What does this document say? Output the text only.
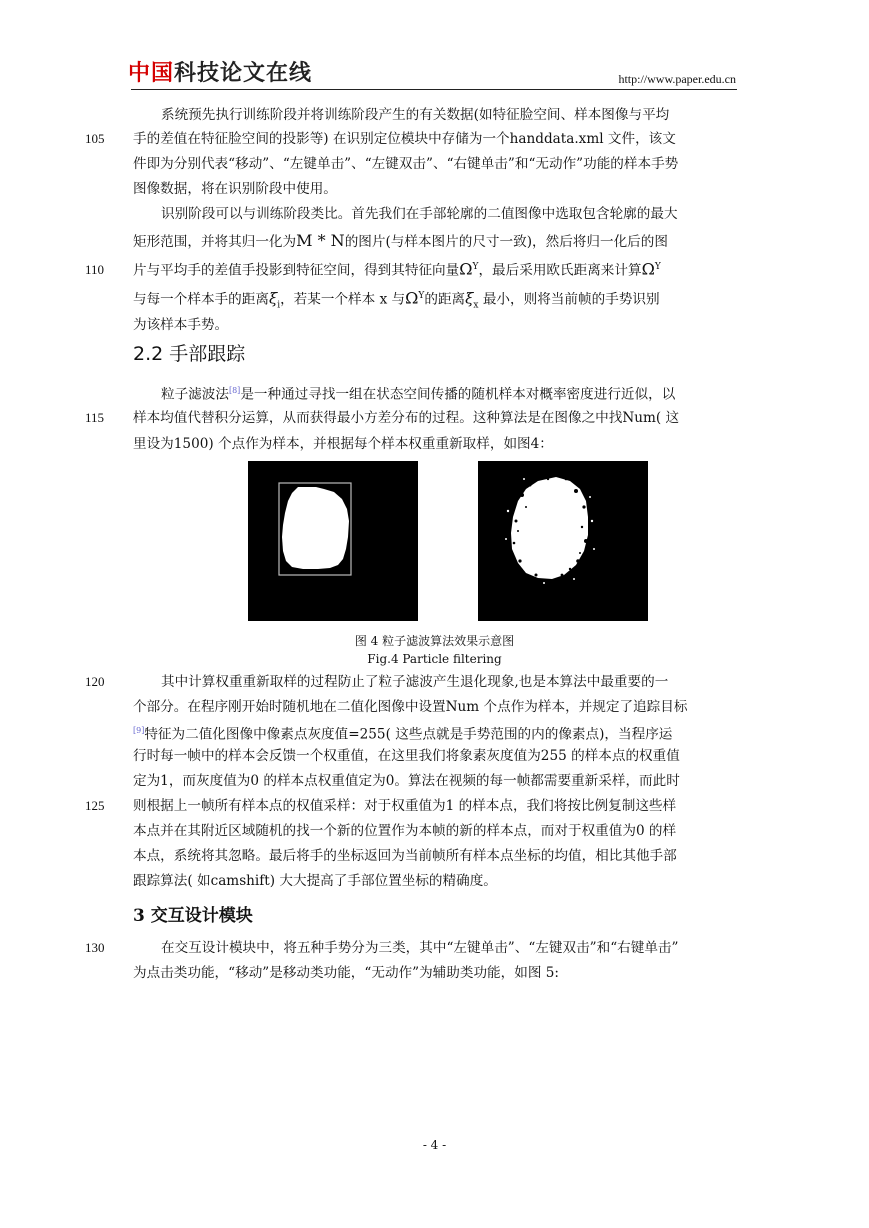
中国科技论文在线	http://www.paper.edu.cn
105
110
115
120
125
130
系统预先执行训练阶段并将训练阶段产生的有关数据(如特征脸空间、样本图像与平均
手的差值在特征脸空间的投影等) 在识别定位模块中存储为一个handdata.xml 文件，该文
件即为分别代表“移动”、“左键单击”、“左键双击”、“右键单击”和“无动作”功能的样本手势
图像数据，将在识别阶段中使用。
识别阶段可以与训练阶段类比。首先我们在手部轮廓的二值图像中选取包含轮廓的最大
矩形范围，并将其归一化为M * N的图片(与样本图片的尺寸一致)，然后将归一化后的图
片与平均手的差值手投影到特征空间，得到其特征向量$\Omega^Y$，最后采用欧氏距离来计算$\Omega^Y$
与每一个样本手的距离$\xi_i$，若某一个样本 x 与$\Omega^Y$的距离$\xi_x$ 最小，则将当前帧的手势识别
为该样本手势。
2.2 手部跟踪
粒子滤波法[8]是一种通过寻找一组在状态空间传播的随机样本对概率密度进行近似，以
样本均值代替积分运算，从而获得最小方差分布的过程。这种算法是在图像之中找Num( 这
里设为1500) 个点作为样本，并根据每个样本权重重新取样，如图4：
图 4 粒子滤波算法效果示意图
Fig.4 Particle filtering
其中计算权重重新取样的过程防止了粒子滤波产生退化现象,也是本算法中最重要的一
个部分。在程序刚开始时随机地在二值化图像中设置Num 个点作为样本，并规定了追踪目标
[9]特征为二值化图像中像素点灰度值=255( 这些点就是手势范围的内的像素点)，当程序运
行时每一帧中的样本会反馈一个权重值，在这里我们将象素灰度值为255 的样本点的权重值
定为1，而灰度值为0 的样本点权重值定为0。算法在视频的每一帧都需要重新采样，而此时
则根据上一帧所有样本点的权值采样：对于权重值为1 的样本点，我们将按比例复制这些样
本点并在其附近区域随机的找一个新的位置作为本帧的新的样本点，而对于权重值为0 的样
本点，系统将其忽略。最后将手的坐标返回为当前帧所有样本点坐标的均值，相比其他手部
跟踪算法( 如camshift) 大大提高了手部位置坐标的精确度。
3 交互设计模块
在交互设计模块中，将五种手势分为三类，其中“左键单击”、“左键双击”和“右键单击”
为点击类功能，“移动”是移动类功能，“无动作”为辅助类功能，如图 5:
- 4 -
